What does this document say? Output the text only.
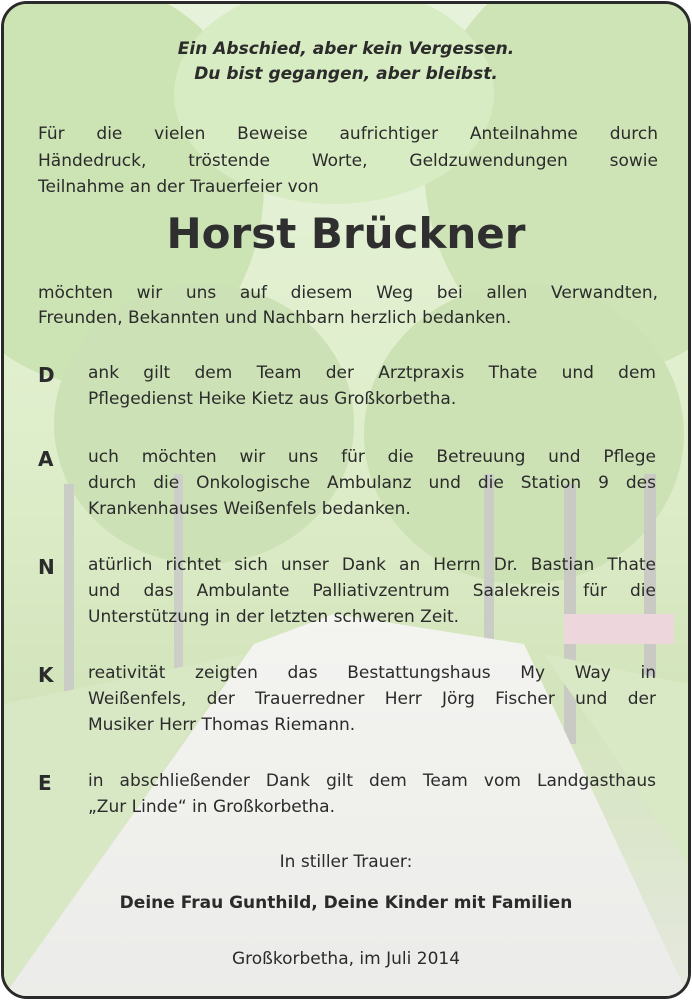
Ein Abschied, aber kein Vergessen.
Du bist gegangen, aber bleibst.
Für die vielen Beweise aufrichtiger Anteilnahme durch
Händedruck, tröstende Worte, Geldzuwendungen sowie
Teilnahme an der Trauerfeier von
Horst Brückner
möchten wir uns auf diesem Weg bei allen Verwandten,
Freunden, Bekannten und Nachbarn herzlich bedanken.
D	ank gilt dem Team der Arztpraxis Thate und dem
Pflegedienst Heike Kietz aus Großkorbetha.
A	uch möchten wir uns für die Betreuung und Pflege
durch die Onkologische Ambulanz und die Station 9 des
Krankenhauses Weißenfels bedanken.
N	atürlich richtet sich unser Dank an Herrn Dr. Bastian Thate
und das Ambulante Palliativzentrum Saalekreis für die
Unterstützung in der letzten schweren Zeit.
K	reativität zeigten das Bestattungshaus My Way in
Weißenfels, der Trauerredner Herr Jörg Fischer und der
Musiker Herr Thomas Riemann.
E	in abschließender Dank gilt dem Team vom Landgasthaus
„Zur Linde“ in Großkorbetha.
In stiller Trauer:
Deine Frau Gunthild, Deine Kinder mit Familien
Großkorbetha, im Juli 2014
